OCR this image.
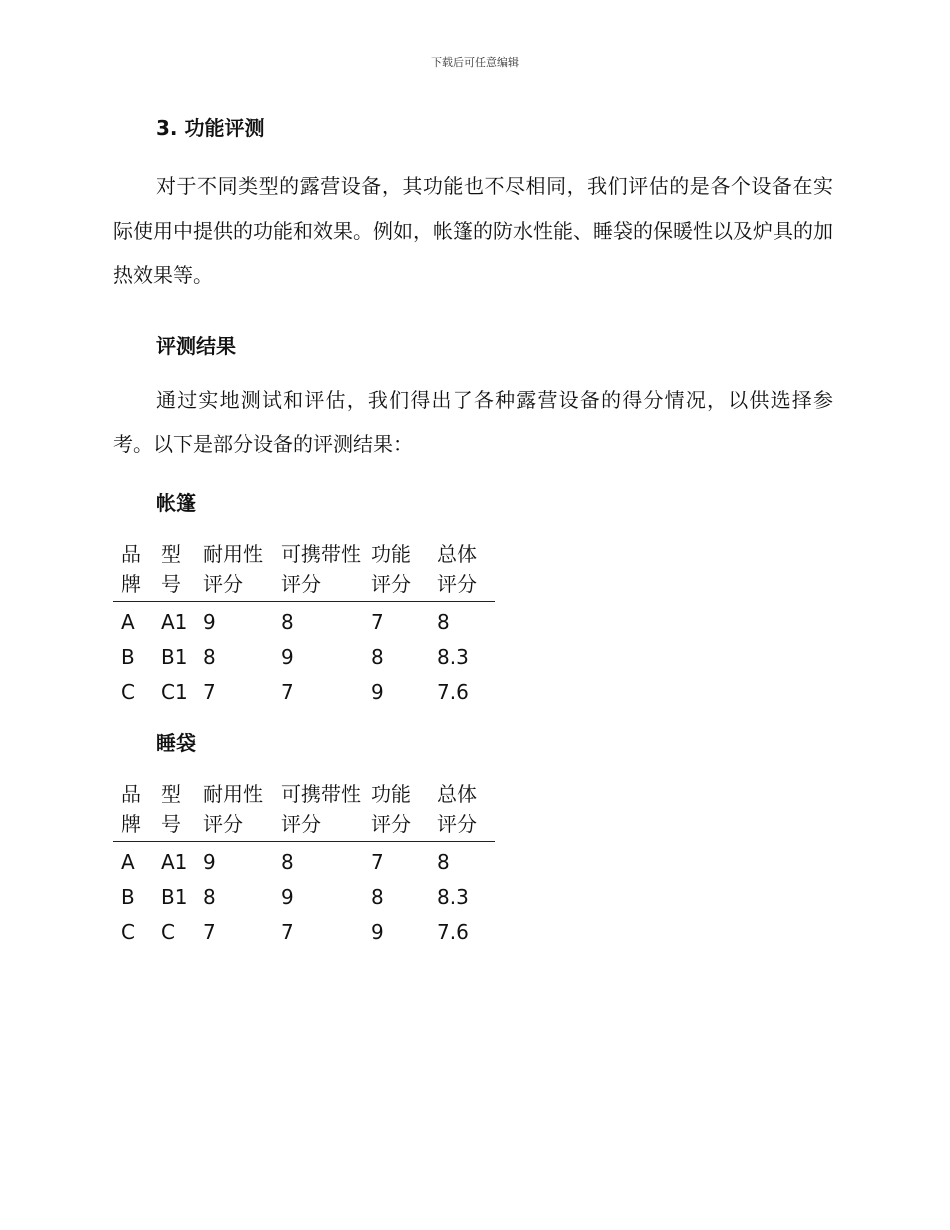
下载后可任意编辑
3. 功能评测

对于不同类型的露营设备，其功能也不尽相同，我们评估的是各个设备在实际使用中提供的功能和效果。例如，帐篷的防水性能、睡袋的保暖性以及炉具的加热效果等。

评测结果

通过实地测试和评估，我们得出了各种露营设备的得分情况，以供选择参考。以下是部分设备的评测结果：

帐篷
品牌	型号	耐用性评分	可携带性评分	功能评分	总体评分
A	A1	9	8	7	8
B	B1	8	9	8	8.3
C	C1	7	7	9	7.6
睡袋
品牌	型号	耐用性评分	可携带性评分	功能评分	总体评分
A	A1	9	8	7	8
B	B1	8	9	8	8.3
C	C	7	7	9	7.6
